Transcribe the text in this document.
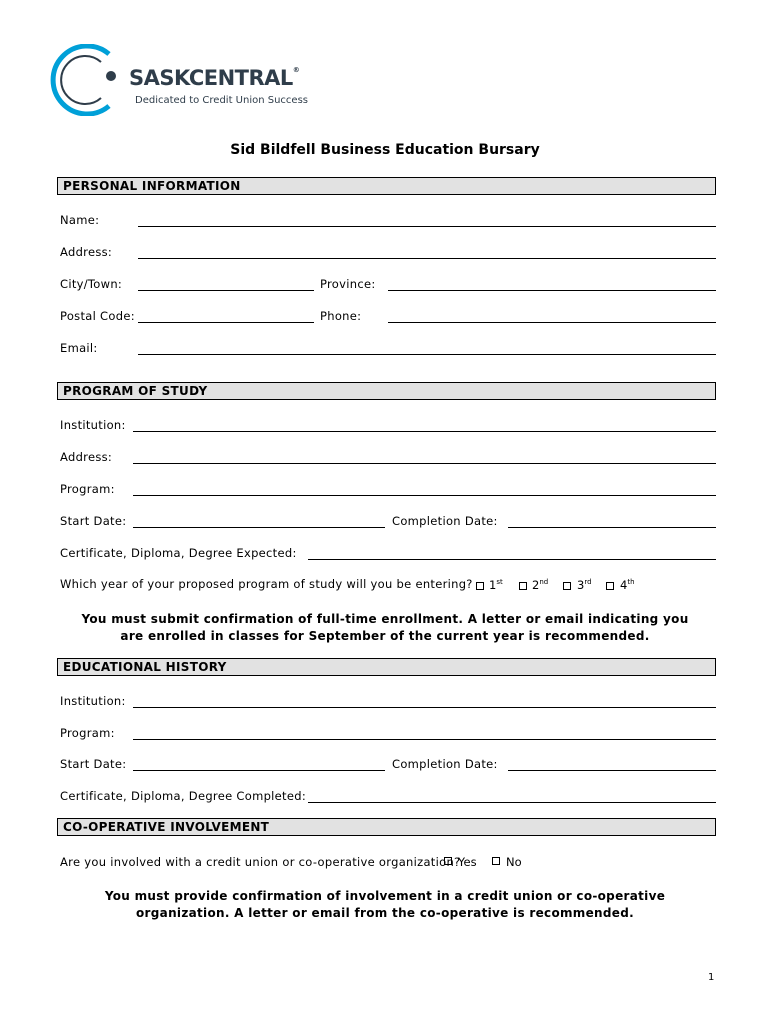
SASKCENTRAL®
Dedicated to Credit Union Success
Sid Bildfell Business Education Bursary
PERSONAL INFORMATION
Name:
Address:
City/Town:	Province:
Postal Code:	Phone:
Email:
PROGRAM OF STUDY
Institution:
Address:
Program:
Start Date:	Completion Date:
Certificate, Diploma, Degree Expected:
Which year of your proposed program of study will you be entering? 1st	2nd	3rd 4th
You must submit confirmation of full-time enrollment. A letter or email indicating you
are enrolled in classes for September of the current year is recommended.
EDUCATIONAL HISTORY
Institution:
Program:
Start Date:	Completion Date:
Certificate, Diploma, Degree Completed:
CO-OPERATIVE INVOLVEMENT
Are you involved with a credit union or co-operative organization?
Yes	No
You must provide confirmation of involvement in a credit union or co-operative
organization. A letter or email from the co-operative is recommended.
1
